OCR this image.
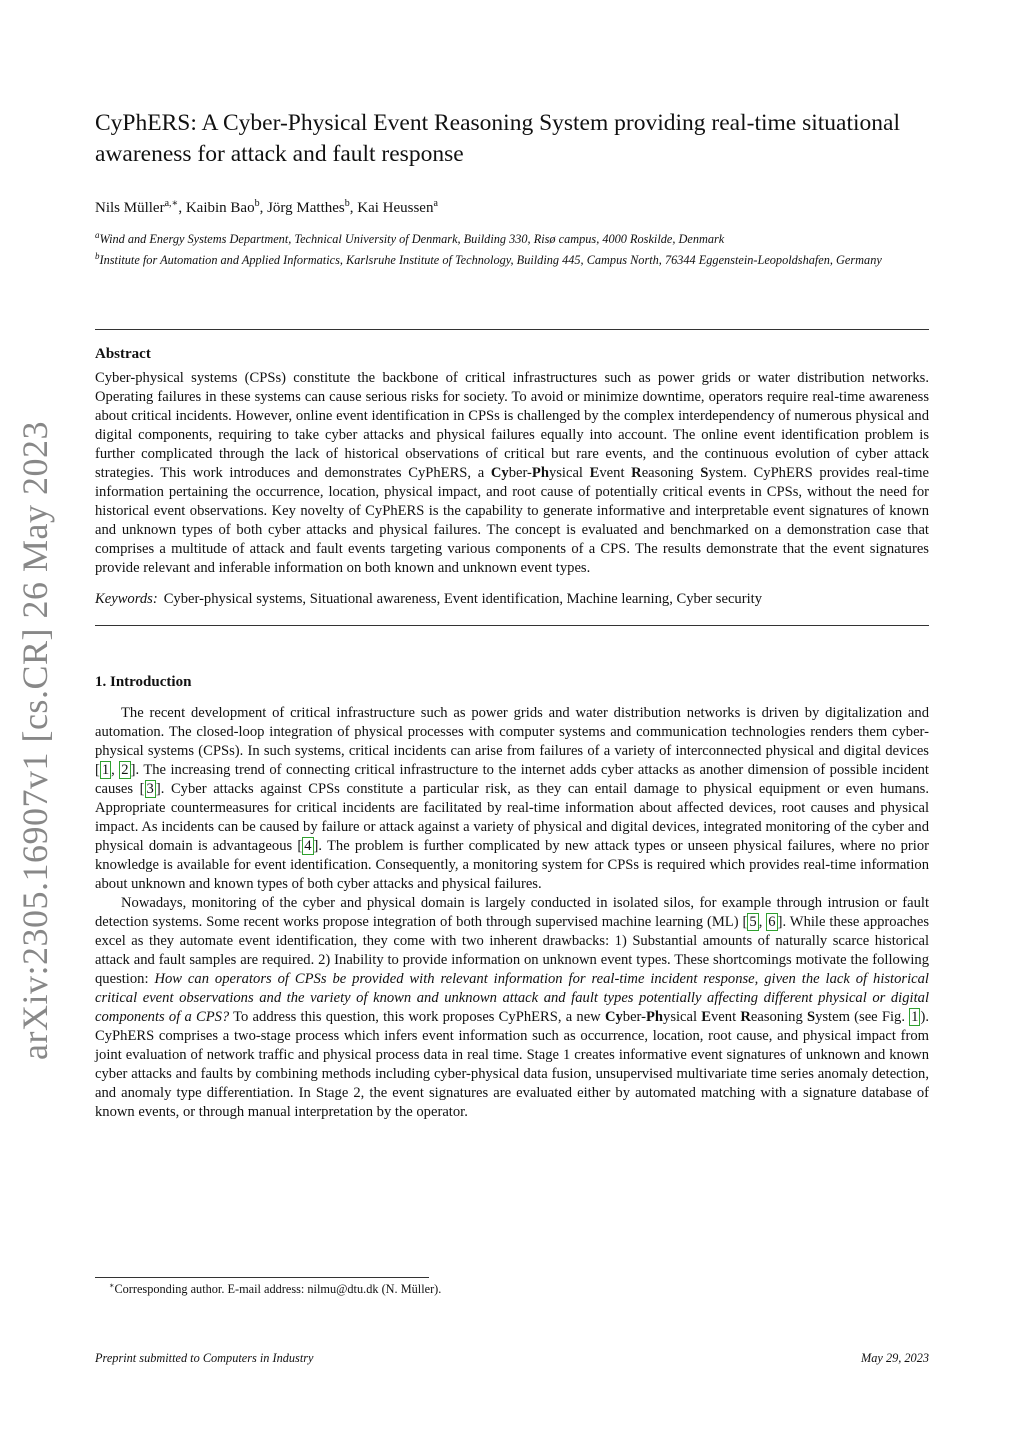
arXiv:2305.16907v1 [cs.CR] 26 May 2023
CyPhERS: A Cyber-Physical Event Reasoning System providing real-time situational awareness for attack and fault response
Nils Müller$^{a,∗}$, Kaibin Bao$^b$, Jörg Matthes$^b$, Kai Heussen$^a$
$^a$Wind and Energy Systems Department, Technical University of Denmark, Building 330, Risø campus, 4000 Roskilde, Denmark
$^b$Institute for Automation and Applied Informatics, Karlsruhe Institute of Technology, Building 445, Campus North, 76344 Eggenstein-Leopoldshafen, Germany
Abstract

Cyber-physical systems (CPSs) constitute the backbone of critical infrastructures such as power grids or water distribution networks. Operating failures in these systems can cause serious risks for society. To avoid or minimize downtime, operators require real-time awareness about critical incidents. However, online event identification in CPSs is challenged by the complex interdependency of numerous physical and digital components, requiring to take cyber attacks and physical failures equally into account. The online event identification problem is further complicated through the lack of historical observations of critical but rare events, and the continuous evolution of cyber attack strategies. This work introduces and demonstrates CyPhERS, a Cyber-Physical Event Reasoning System. CyPhERS provides real-time information pertaining the occurrence, location, physical impact, and root cause of potentially critical events in CPSs, without the need for historical event observations. Key novelty of CyPhERS is the capability to generate informative and interpretable event signatures of known and unknown types of both cyber attacks and physical failures. The concept is evaluated and benchmarked on a demonstration case that comprises a multitude of attack and fault events targeting various components of a CPS. The results demonstrate that the event signatures provide relevant and inferable information on both known and unknown event types.

Keywords: Cyber-physical systems, Situational awareness, Event identification, Machine learning, Cyber security
1. Introduction

The recent development of critical infrastructure such as power grids and water distribution networks is driven by digitalization and automation. The closed-loop integration of physical processes with computer systems and communication technologies renders them cyber-physical systems (CPSs). In such systems, critical incidents can arise from failures of a variety of interconnected physical and digital devices [ 1 , 2 ]. The increasing trend of connecting critical infrastructure to the internet adds cyber attacks as another dimension of possible incident causes [ 3 ]. Cyber attacks against CPSs constitute a particular risk, as they can entail damage to physical equipment or even humans. Appropriate countermeasures for critical incidents are facilitated by real-time information about affected devices, root causes and physical impact. As incidents can be caused by failure or attack against a variety of physical and digital devices, integrated monitoring of the cyber and physical domain is advantageous [ 4 ]. The problem is further complicated by new attack types or unseen physical failures, where no prior knowledge is available for event identification. Consequently, a monitoring system for CPSs is required which provides real-time information about unknown and known types of both cyber attacks and physical failures.

Nowadays, monitoring of the cyber and physical domain is largely conducted in isolated silos, for example through intrusion or fault detection systems. Some recent works propose integration of both through supervised machine learning (ML) [ 5 , 6 ]. While these approaches excel as they automate event identification, they come with two inherent drawbacks: 1) Substantial amounts of naturally scarce historical attack and fault samples are required. 2) Inability to provide information on unknown event types. These shortcomings motivate the following question: How can operators of CPSs be provided with relevant information for real-time incident response, given the lack of historical critical event observations and the variety of known and unknown attack and fault types potentially affecting different physical or digital components of a CPS? To address this question, this work proposes CyPhERS, a new Cyber-Physical Event Reasoning System (see Fig. 1 ). CyPhERS comprises a two-stage process which infers event information such as occurrence, location, root cause, and physical impact from joint evaluation of network traffic and physical process data in real time. Stage 1 creates informative event signatures of unknown and known cyber attacks and faults by combining methods including cyber-physical data fusion, unsupervised multivariate time series anomaly detection, and anomaly type differentiation. In Stage 2, the event signatures are evaluated either by automated matching with a signature database of known events, or through manual interpretation by the operator.

∗Corresponding author. E-mail address: nilmu@dtu.dk (N. Müller).
Preprint submitted to Computers in Industry	May 29, 2023
